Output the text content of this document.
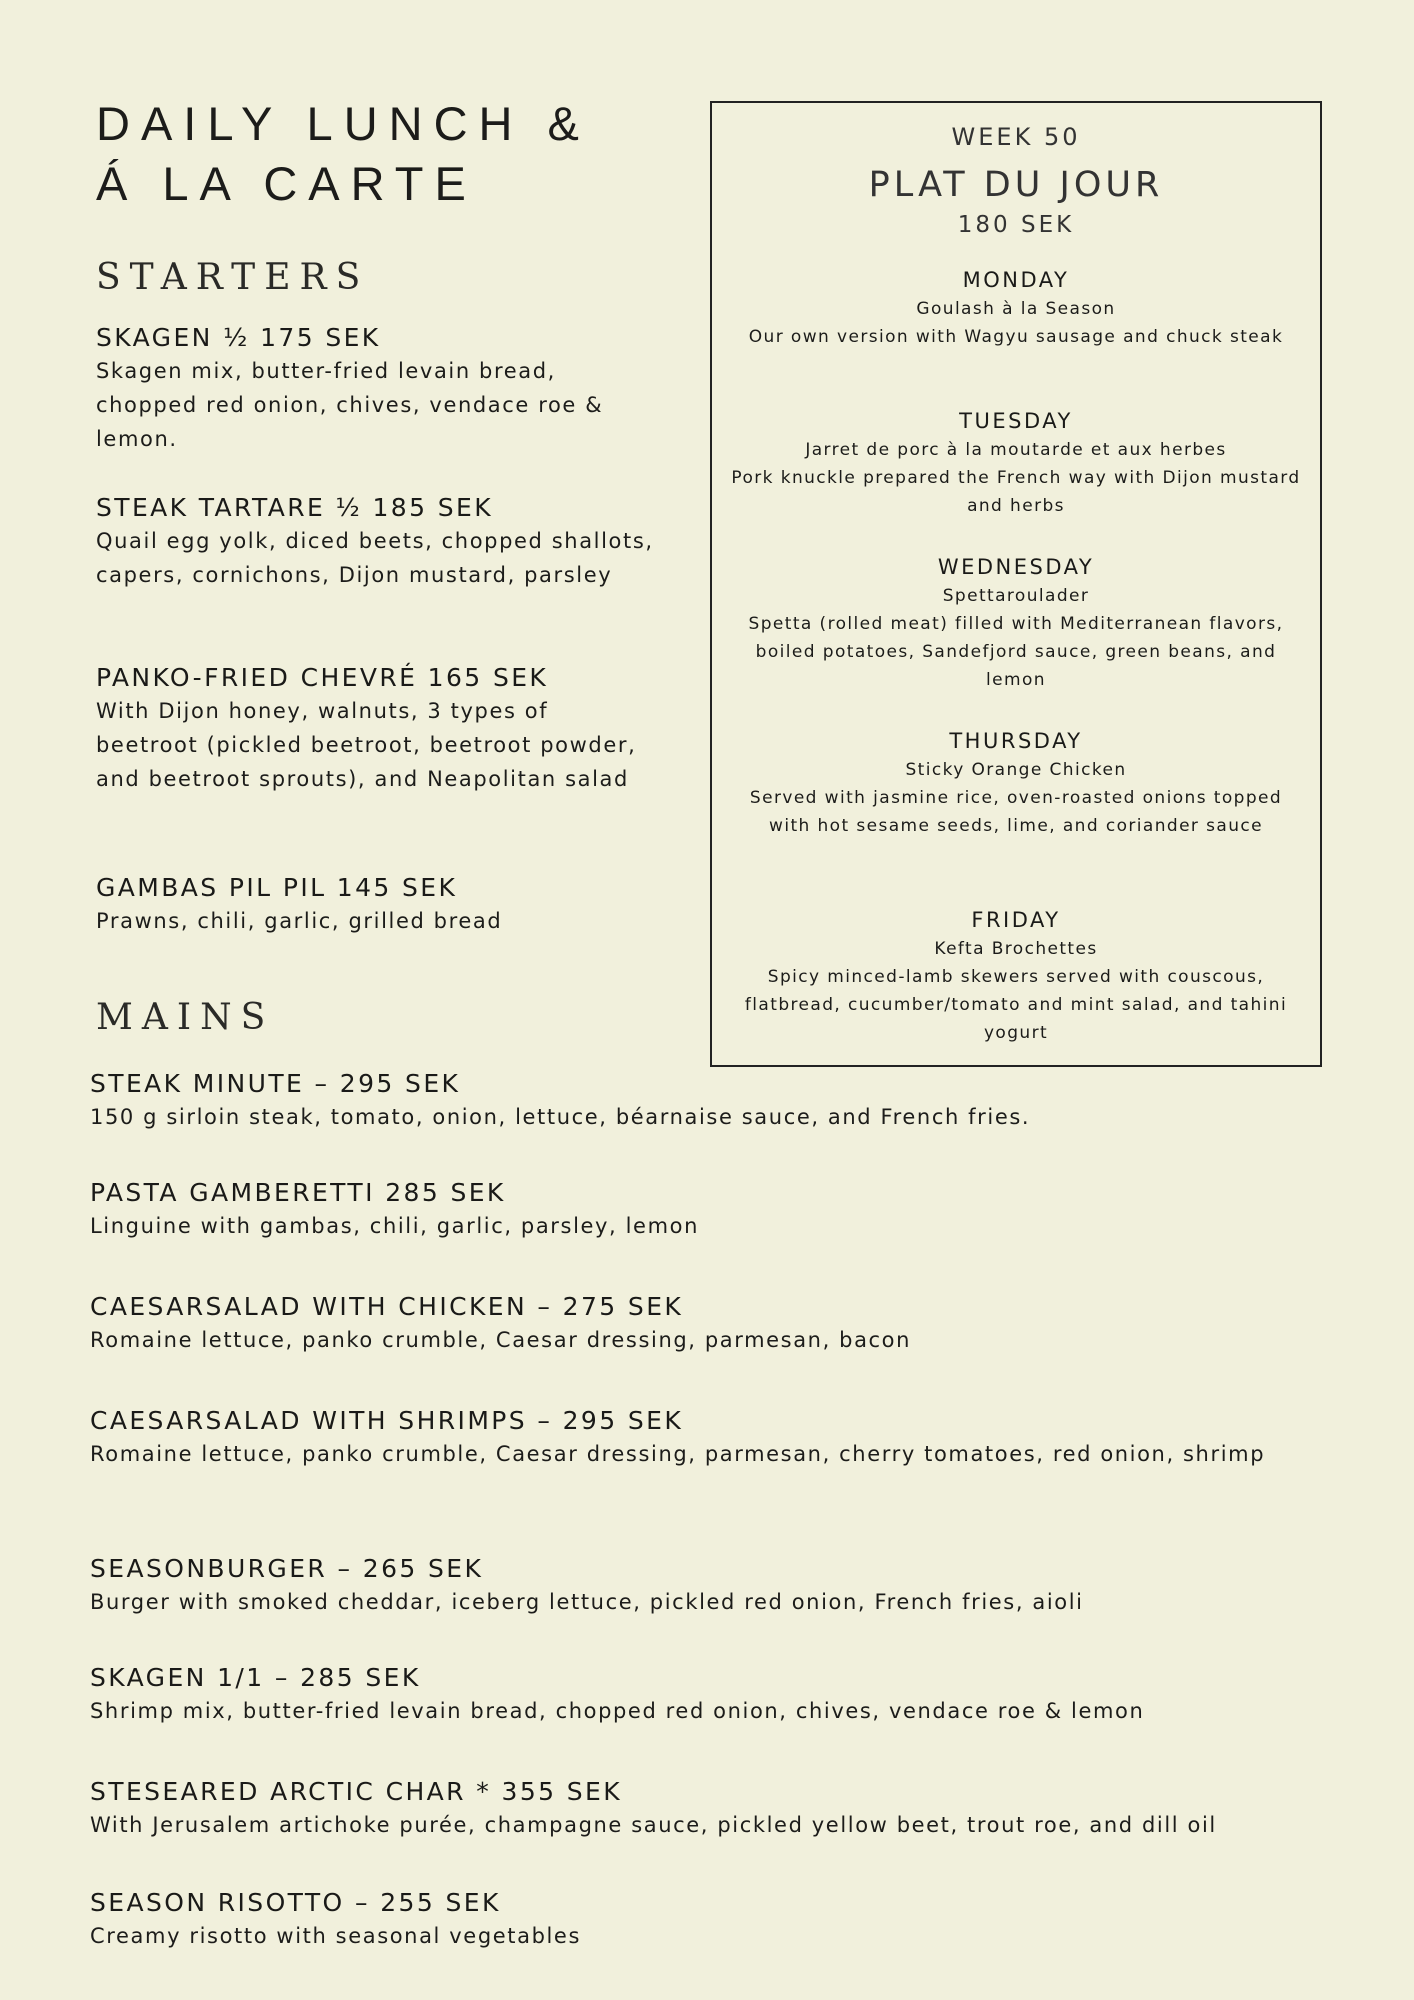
DAILY LUNCH &
Á LA CARTE
STARTERS
SKAGEN ½ 175 SEK
Skagen mix, butter-fried levain bread, chopped red onion, chives, vendace roe & lemon.
STEAK TARTARE ½ 185 SEK
Quail egg yolk, diced beets, chopped shallots, capers, cornichons, Dijon mustard, parsley
PANKO-FRIED CHEVRÉ 165 SEK
With Dijon honey, walnuts, 3 types of beetroot (pickled beetroot, beetroot powder, and beetroot sprouts), and Neapolitan salad
GAMBAS PIL PIL 145 SEK
Prawns, chili, garlic, grilled bread
WEEK 50
PLAT DU JOUR
180 SEK
MONDAY
Goulash à la Season
Our own version with Wagyu sausage and chuck steak
TUESDAY
Jarret de porc à la moutarde et aux herbes
Pork knuckle prepared the French way with Dijon mustard and herbs
WEDNESDAY
Spettaroulader
Spetta (rolled meat) filled with Mediterranean flavors, boiled potatoes, Sandefjord sauce, green beans, and lemon
THURSDAY
Sticky Orange Chicken
Served with jasmine rice, oven-roasted onions topped with hot sesame seeds, lime, and coriander sauce
FRIDAY
Kefta Brochettes
Spicy minced-lamb skewers served with couscous, flatbread, cucumber/tomato and mint salad, and tahini yogurt
MAINS
STEAK MINUTE – 295 SEK
150 g sirloin steak, tomato, onion, lettuce, béarnaise sauce, and French fries.
PASTA GAMBERETTI 285 SEK
Linguine with gambas, chili, garlic, parsley, lemon
CAESARSALAD WITH CHICKEN – 275 SEK
Romaine lettuce, panko crumble, Caesar dressing, parmesan, bacon
CAESARSALAD WITH SHRIMPS – 295 SEK
Romaine lettuce, panko crumble, Caesar dressing, parmesan, cherry tomatoes, red onion, shrimp
SEASONBURGER – 265 SEK
Burger with smoked cheddar, iceberg lettuce, pickled red onion, French fries, aioli
SKAGEN 1/1 – 285 SEK
Shrimp mix, butter-fried levain bread, chopped red onion, chives, vendace roe & lemon
STESEARED ARCTIC CHAR * 355 SEK
With Jerusalem artichoke purée, champagne sauce, pickled yellow beet, trout roe, and dill oil
SEASON RISOTTO – 255 SEK
Creamy risotto with seasonal vegetables
